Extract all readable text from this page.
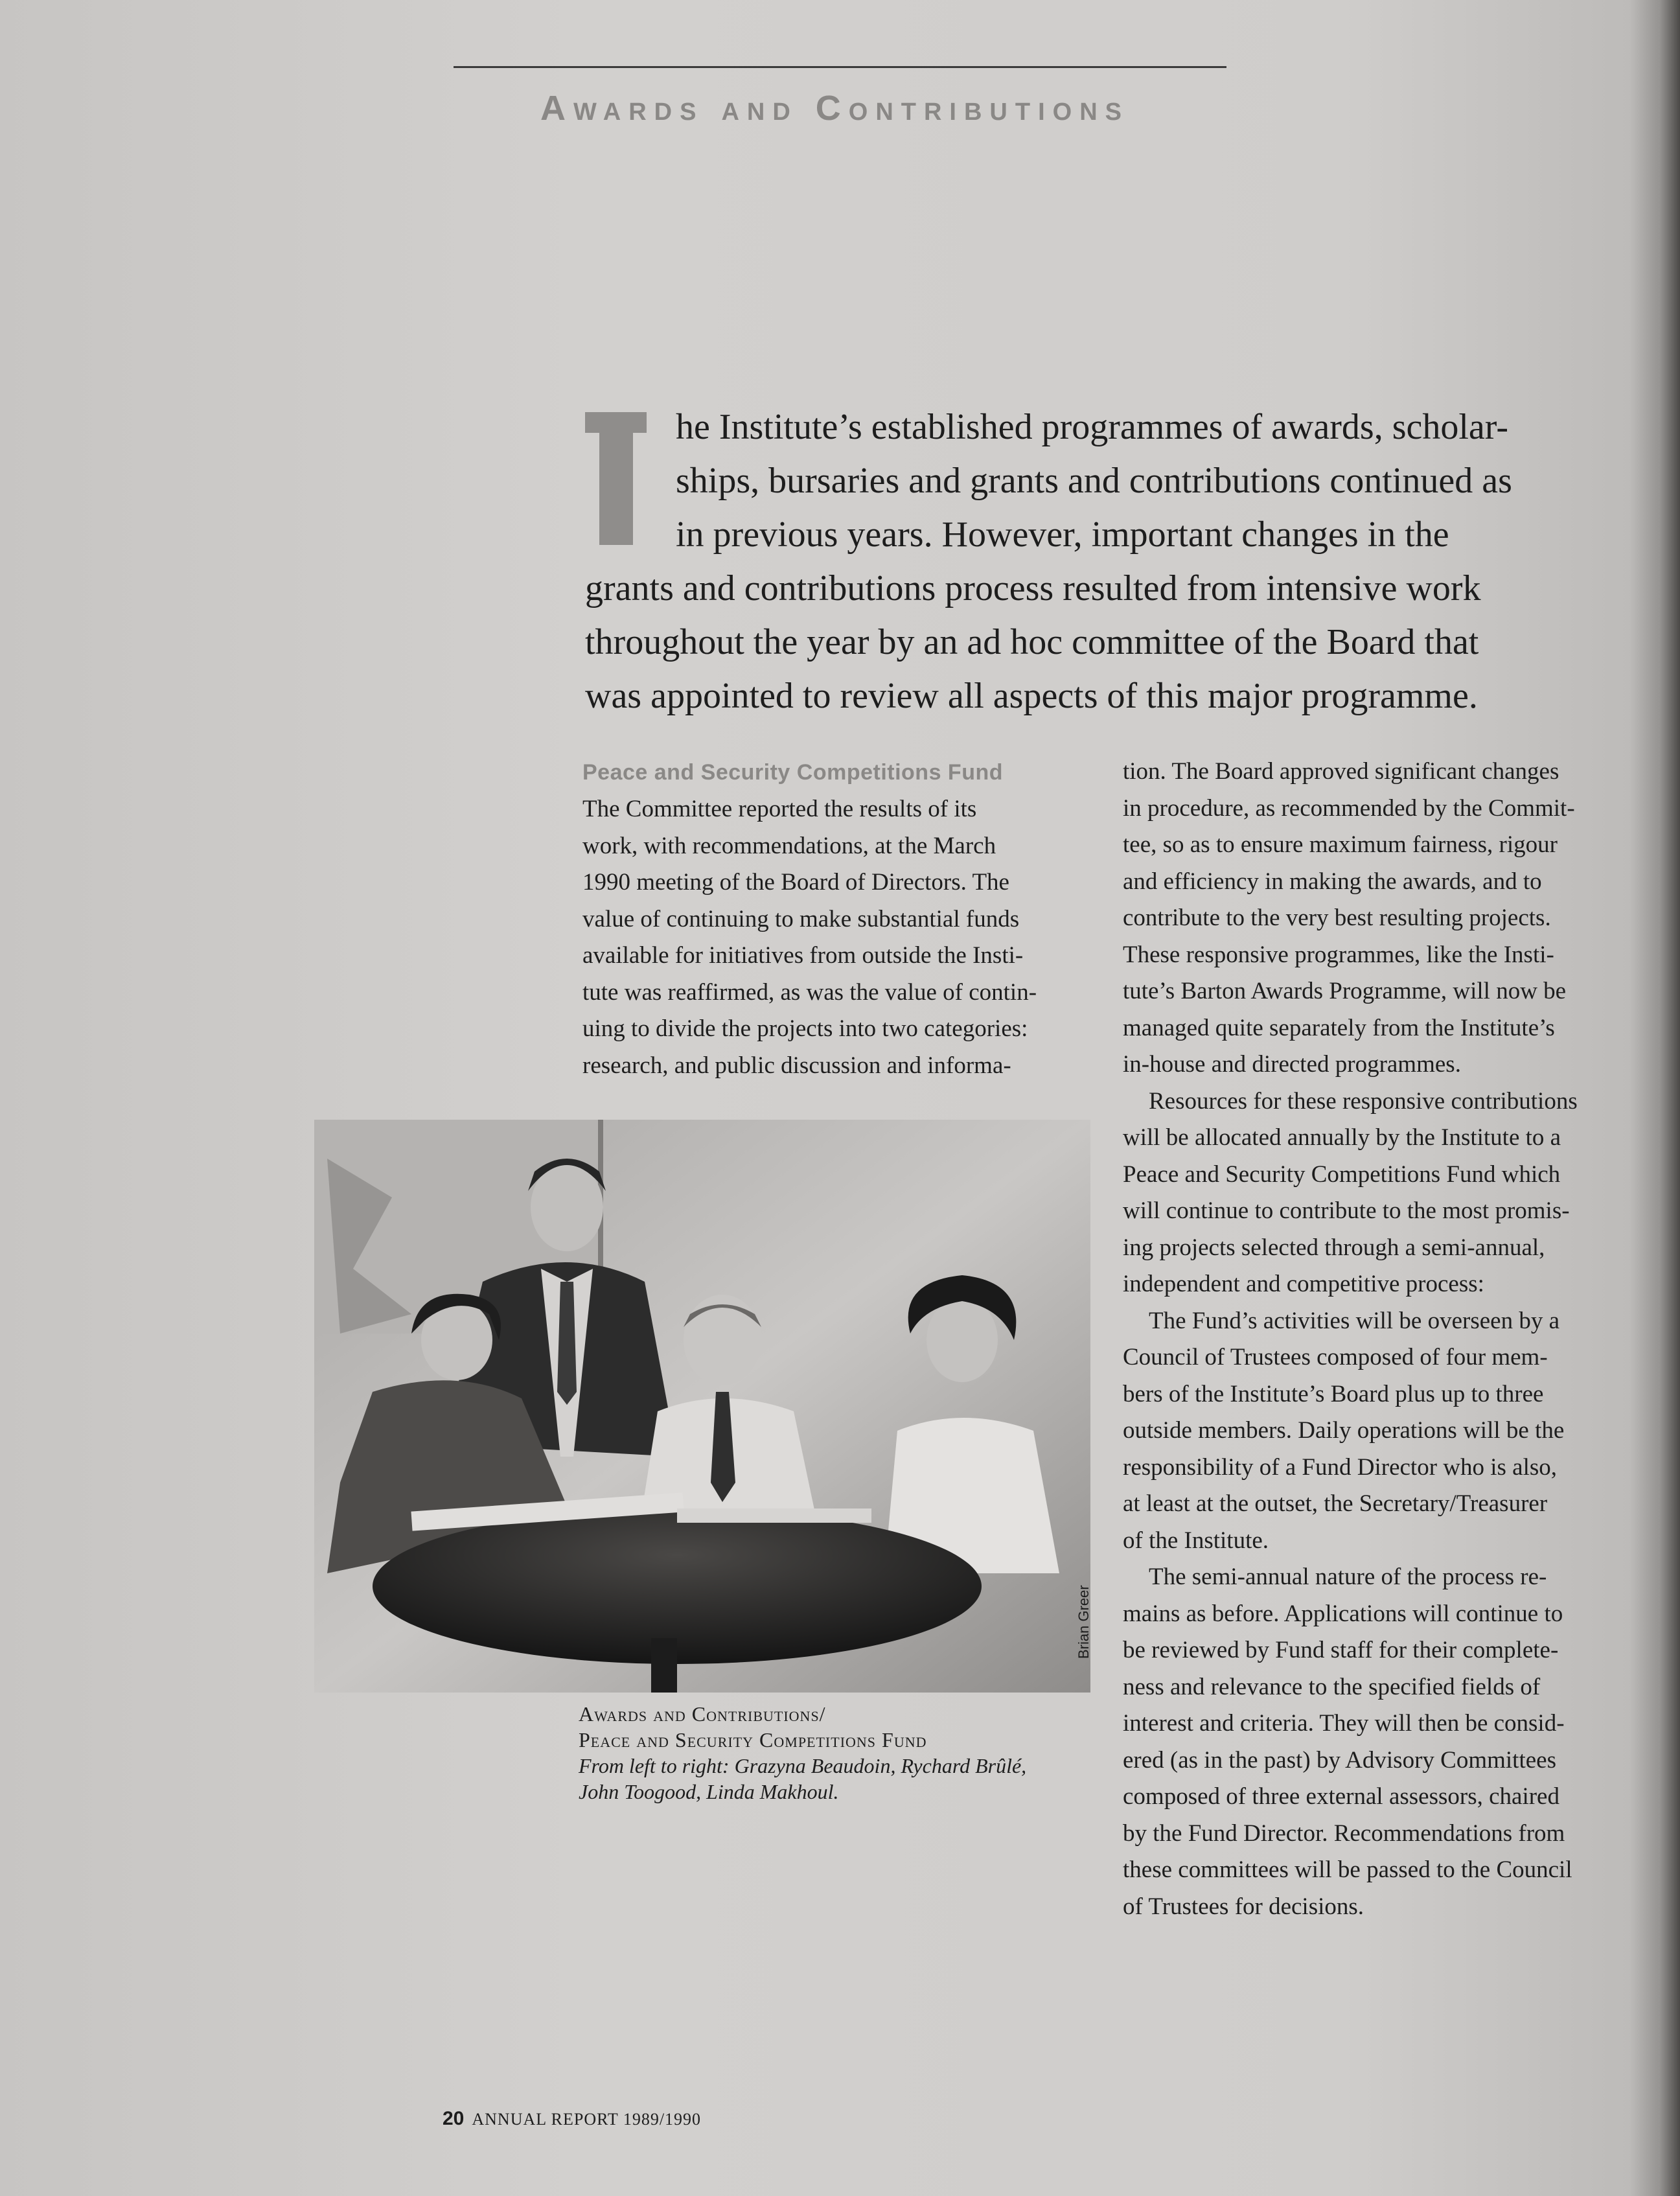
Awards and Contributions
he Institute’s established programmes of awards, scholar-
ships, bursaries and grants and contributions continued as
in previous years. However, important changes in the
grants and contributions process resulted from intensive work
throughout the year by an ad hoc committee of the Board that
was appointed to review all aspects of this major programme.
Peace and Security Competitions Fund
The Committee reported the results of its
work, with recommendations, at the March
1990 meeting of the Board of Directors. The
value of continuing to make substantial funds
available for initiatives from outside the Insti-
tute was reaffirmed, as was the value of contin-
uing to divide the projects into two categories:
research, and public discussion and informa-
tion. The Board approved significant changes
in procedure, as recommended by the Commit-
tee, so as to ensure maximum fairness, rigour
and efficiency in making the awards, and to
contribute to the very best resulting projects.
These responsive programmes, like the Insti-
tute’s Barton Awards Programme, will now be
managed quite separately from the Institute’s
in-house and directed programmes.
Resources for these responsive contributions
will be allocated annually by the Institute to a
Peace and Security Competitions Fund which
will continue to contribute to the most promis-
ing projects selected through a semi-annual,
independent and competitive process:
The Fund’s activities will be overseen by a
Council of Trustees composed of four mem-
bers of the Institute’s Board plus up to three
outside members. Daily operations will be the
responsibility of a Fund Director who is also,
at least at the outset, the Secretary/Treasurer
of the Institute.
The semi-annual nature of the process re-
mains as before. Applications will continue to
be reviewed by Fund staff for their complete-
ness and relevance to the specified fields of
interest and criteria. They will then be consid-
ered (as in the past) by Advisory Committees
composed of three external assessors, chaired
by the Fund Director. Recommendations from
these committees will be passed to the Council
of Trustees for decisions.
Brian Greer
Awards and Contributions/
Peace and Security Competitions Fund
From left to right: Grazyna Beaudoin, Rychard Brûlé,
John Toogood, Linda Makhoul.
20 ANNUAL REPORT 1989/1990
